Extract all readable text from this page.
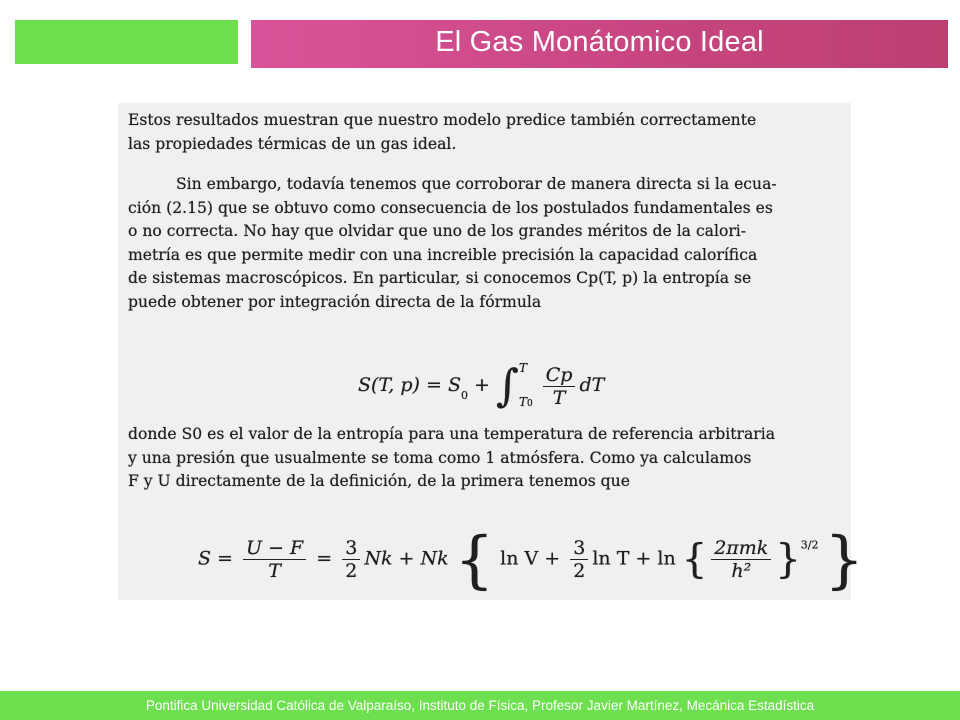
El Gas Monátomico Ideal
Estos resultados muestran que nuestro modelo predice también correctamente
las propiedades térmicas de un gas ideal.
Sin embargo, todavía tenemos que corroborar de manera directa si la ecua-
ción (2.15) que se obtuvo como consecuencia de los postulados fundamentales es
o no correcta. No hay que olvidar que uno de los grandes méritos de la calori-
metría es que permite medir con una increible precisión la capacidad calorífica
de sistemas macroscópicos. En particular, si conocemos Cp(T, p) la entropía se
puede obtener por integración directa de la fórmula
S(T, $p) = S_0$ + ∫ T
T0
$\frac{Cp}{T}$ dT
donde S0 es el valor de la entropía para una temperatura de referencia arbitraria
y una presión que usualmente se toma como 1 atmósfera. Como ya calculamos
F y U directamente de la definición, de la primera tenemos que
$S = \frac{U - F}{T} = \frac{3}{2}$ Nk + Nk { $\ln V + \frac{3}{2}$ ln T + ln { $\frac{\text{2πmk}}{\text{h²}} \}^{3/2}$ }
Pontifica Universidad Católica de Valparaíso, Instituto de Física, Profesor Javier Martínez, Mecánica Estadística
